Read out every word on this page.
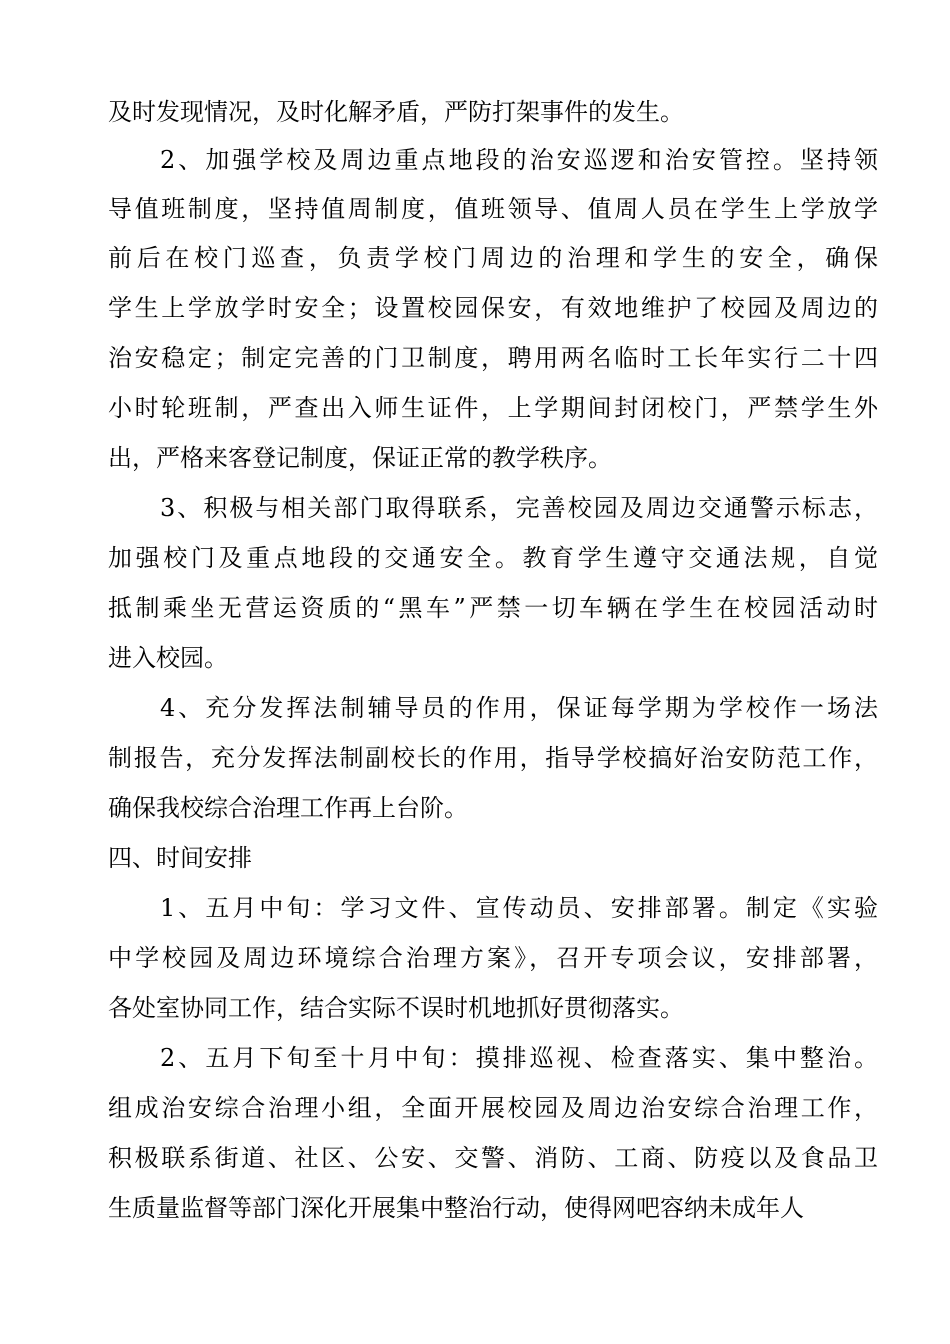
及时发现情况，及时化解矛盾，严防打架事件的发生。

2、加强学校及周边重点地段的治安巡逻和治安管控。坚持领

导值班制度，坚持值周制度，值班领导、值周人员在学生上学放学

前后在校门巡查，负责学校门周边的治理和学生的安全，确保

学生上学放学时安全；设置校园保安，有效地维护了校园及周边的

治安稳定；制定完善的门卫制度，聘用两名临时工长年实行二十四

小时轮班制，严查出入师生证件，上学期间封闭校门，严禁学生外

出，严格来客登记制度，保证正常的教学秩序。

3、积极与相关部门取得联系，完善校园及周边交通警示标志，

加强校门及重点地段的交通安全。教育学生遵守交通法规，自觉

抵制乘坐无营运资质的“黑车”严禁一切车辆在学生在校园活动时

进入校园。

4、充分发挥法制辅导员的作用，保证每学期为学校作一场法

制报告，充分发挥法制副校长的作用，指导学校搞好治安防范工作，

确保我校综合治理工作再上台阶。

四、时间安排

1、五月中旬：学习文件、宣传动员、安排部署。制定《实验

中学校园及周边环境综合治理方案》，召开专项会议，安排部署，

各处室协同工作，结合实际不误时机地抓好贯彻落实。

2、五月下旬至十月中旬：摸排巡视、检查落实、集中整治。

组成治安综合治理小组，全面开展校园及周边治安综合治理工作，

积极联系街道、社区、公安、交警、消防、工商、防疫以及食品卫

生质量监督等部门深化开展集中整治行动，使得网吧容纳未成年人
